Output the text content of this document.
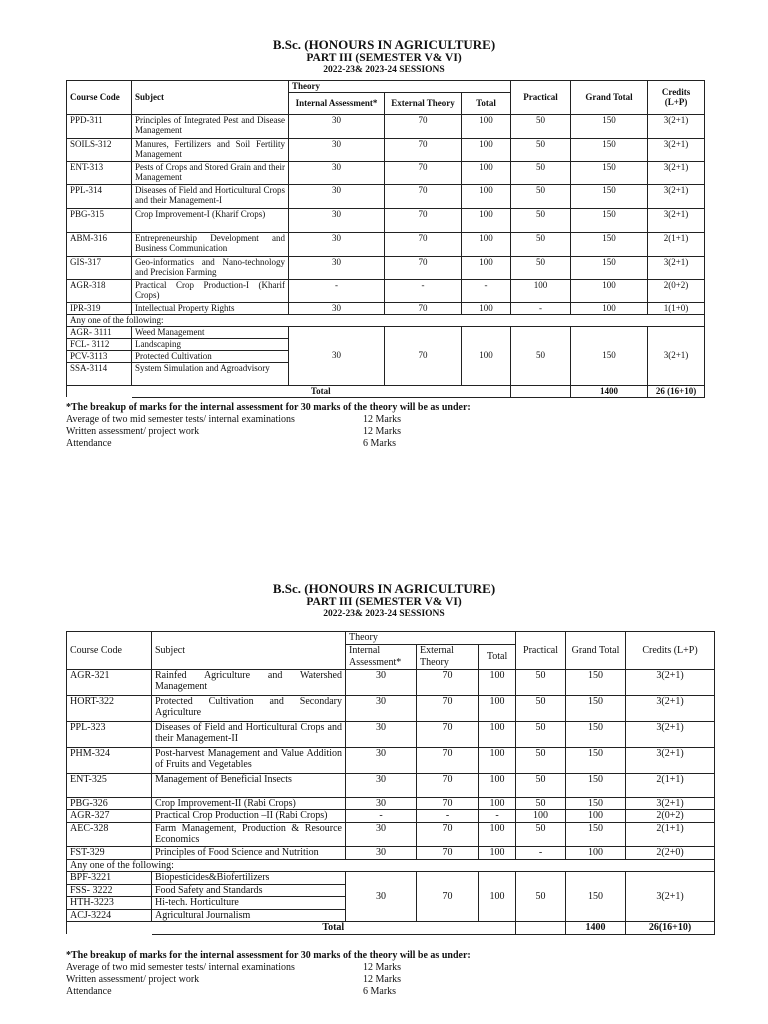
B.Sc. (HONOURS IN AGRICULTURE)
PART III (SEMESTER V& VI)
2022-23& 2023-24 SESSIONS
Course Code	Subject	Theory			Practical	Grand Total	Credits (L+P)
		Internal Assessment*	External Theory	Total			
PPD-311	Principles of Integrated Pest and Disease Management	30	70	100	50	150	3(2+1)
SOILS-312	Manures, Fertilizers and Soil Fertility Management	30	70	100	50	150	3(2+1)
ENT-313	Pests of Crops and Stored Grain and their Management	30	70	100	50	150	3(2+1)
PPL-314	Diseases of Field and Horticultural Crops and their Management-I	30	70	100	50	150	3(2+1)
PBG-315	Crop Improvement-I (Kharif Crops)	30	70	100	50	150	3(2+1)
ABM-316	Entrepreneurship Development and Business Communication	30	70	100	50	150	2(1+1)
GIS-317	Geo-informatics and Nano-technology and Precision Farming	30	70	100	50	150	3(2+1)
AGR-318	Practical Crop Production-I (Kharif Crops)	-	-	-	100	100	2(0+2)
IPR-319	Intellectual Property Rights	30	70	100	-	100	1(1+0)
Any one of the following:							
AGR- 3111	Weed Management	30	70	100	50	150	3(2+1)
FCL- 3112	Landscaping						
PCV-3113	Protected Cultivation						
SSA-3114	System Simulation and Agroadvisory						
	Total					1400	26 (16+10)
*The breakup of marks for the internal assessment for 30 marks of the theory will be as under:
Average of two mid semester tests/ internal examinations	12 Marks
Written assessment/ project work	12 Marks
Attendance	6 Marks
B.Sc. (HONOURS IN AGRICULTURE)
PART III (SEMESTER V& VI)
2022-23& 2023-24 SESSIONS
Course Code	Subject	Theory			Practical	Grand Total	Credits (L+P)
		Internal Assessment*	External Theory	Total			
AGR-321	Rainfed Agriculture and Watershed Management	30	70	100	50	150	3(2+1)
HORT-322	Protected Cultivation and Secondary Agriculture	30	70	100	50	150	3(2+1)
PPL-323	Diseases of Field and Horticultural Crops and their Management-II	30	70	100	50	150	3(2+1)
PHM-324	Post-harvest Management and Value Addition of Fruits and Vegetables	30	70	100	50	150	3(2+1)
ENT-325	Management of Beneficial Insects	30	70	100	50	150	2(1+1)
PBG-326	Crop Improvement-II (Rabi Crops)	30	70	100	50	150	3(2+1)
AGR-327	Practical Crop Production –II (Rabi Crops)	-	-	-	100	100	2(0+2)
AEC-328	Farm Management, Production & Resource Economics	30	70	100	50	150	2(1+1)
FST-329	Principles of Food Science and Nutrition	30	70	100	-	100	2(2+0)
Any one of the following:							
BPF-3221	Biopesticides&Biofertilizers	30	70	100	50	150	3(2+1)
FSS- 3222	Food Safety and Standards						
HTH-3223	Hi-tech. Horticulture						
ACJ-3224	Agricultural Journalism						
	Total					1400	26(16+10)
*The breakup of marks for the internal assessment for 30 marks of the theory will be as under:
Average of two mid semester tests/ internal examinations	12 Marks
Written assessment/ project work	12 Marks
Attendance	6 Marks
